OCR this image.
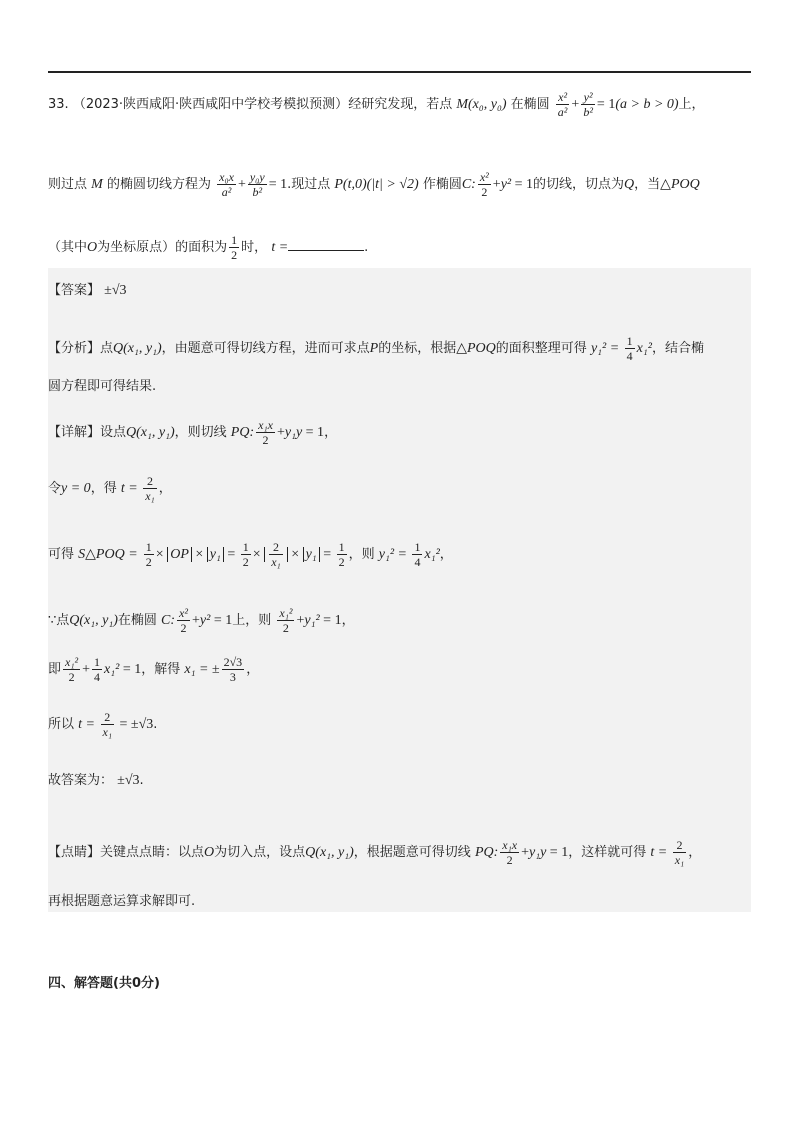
33. （2023·陕西咸阳·陕西咸阳中学校考模拟预测）经研究发现，若点 M(x₀, y₀) 在椭圆 $\frac{\text{x²}}{\text{a²}} + \frac{\text{y²}}{\text{b²}} = 1(a > b > 0)$上，
则过点 M 的椭圆切线方程为 $\frac{\text{x₀x}}{\text{a²}} + \frac{\text{y₀y}}{\text{b²}} = 1$.现过点 P(t,0)(|t| > √2) 作椭圆C: $\frac{\text{x²}}{2} +y^2 = 1$的切线，切点为Q，当△POQ
（其中O为坐标原点）的面积为 $\frac{1}{2}$ 时， t =	.
【答案】 ±√3
【分析】点Q(x₁, y₁)，由题意可得切线方程，进而可求点P的坐标，根据△POQ的面积整理可得 $y_1^2 = \frac{1}{4} x_1^2$，结合椭
圆方程即可得结果.
【详解】设点Q(x₁, y₁)，则切线 PQ: $\frac{\text{x₁x}}{2} +y_1y = 1$，
令y = 0，得 $t = \frac{2}{\text{x₁}}$ ，
可得 S△POQ = $\frac{1}{2}$ × OP × $y_1 = \frac{1}{2} \times \frac{2}{\text{x₁}} \times y_1 = \frac{1}{2}$ ，则 $y_1^2 = \frac{1}{4} x_1^2$，
∵点Q(x₁, y₁)在椭圆 C: $\frac{\text{x²}}{2} +y^2 = 1$上，则 $\frac{\text{x₁²}}{2} +y_1^2 = 1$，
即 $\frac{\text{x₁²}}{2} + \frac{1}{4} x_1^2 = 1$，解得 x₁ = ± $\frac{2√3}{3}$ ，
所以 $t = \frac{2}{\text{x₁}} = \pm√3$.
故答案为： ±√3.
【点睛】关键点点睛：以点O为切入点，设点Q(x₁, y₁)，根据题意可得切线 PQ: $\frac{\text{x₁x}}{2} +y_1y = 1$，这样就可得 $t = \frac{2}{\text{x₁}}$ ，
再根据题意运算求解即可.
四、解答题(共0分)
